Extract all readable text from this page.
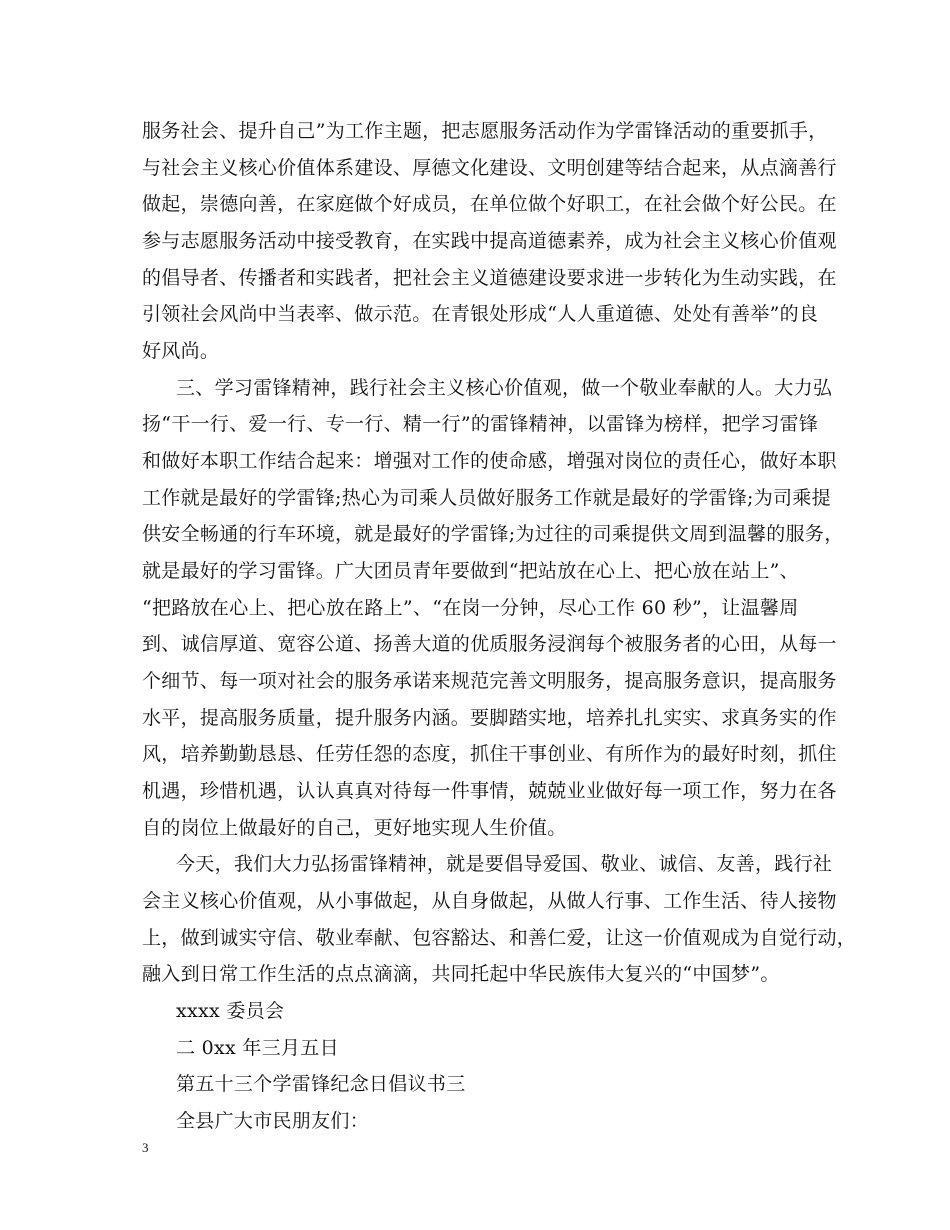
服务社会、提升自己”为工作主题，把志愿服务活动作为学雷锋活动的重要抓手，
与社会主义核心价值体系建设、厚德文化建设、文明创建等结合起来，从点滴善行
做起，崇德向善，在家庭做个好成员，在单位做个好职工，在社会做个好公民。在
参与志愿服务活动中接受教育，在实践中提高道德素养，成为社会主义核心价值观
的倡导者、传播者和实践者，把社会主义道德建设要求进一步转化为生动实践，在
引领社会风尚中当表率、做示范。在青银处形成“人人重道德、处处有善举”的良
好风尚。
三、学习雷锋精神，践行社会主义核心价值观，做一个敬业奉献的人。大力弘
扬“干一行、爱一行、专一行、精一行”的雷锋精神，以雷锋为榜样，把学习雷锋
和做好本职工作结合起来：增强对工作的使命感，增强对岗位的责任心，做好本职
工作就是最好的学雷锋;热心为司乘人员做好服务工作就是最好的学雷锋;为司乘提
供安全畅通的行车环境，就是最好的学雷锋;为过往的司乘提供文周到温馨的服务，
就是最好的学习雷锋。广大团员青年要做到“把站放在心上、把心放在站上”、
“把路放在心上、把心放在路上”、“在岗一分钟，尽心工作 60 秒”，让温馨周
到、诚信厚道、宽容公道、扬善大道的优质服务浸润每个被服务者的心田，从每一
个细节、每一项对社会的服务承诺来规范完善文明服务，提高服务意识，提高服务
水平，提高服务质量，提升服务内涵。要脚踏实地，培养扎扎实实、求真务实的作
风，培养勤勤恳恳、任劳任怨的态度，抓住干事创业、有所作为的最好时刻，抓住
机遇，珍惜机遇，认认真真对待每一件事情，兢兢业业做好每一项工作，努力在各
自的岗位上做最好的自己，更好地实现人生价值。
今天，我们大力弘扬雷锋精神，就是要倡导爱国、敬业、诚信、友善，践行社
会主义核心价值观，从小事做起，从自身做起，从做人行事、工作生活、待人接物
上，做到诚实守信、敬业奉献、包容豁达、和善仁爱，让这一价值观成为自觉行动，
融入到日常工作生活的点点滴滴，共同托起中华民族伟大复兴的“中国梦”。
xxxx 委员会
二 0xx 年三月五日
第五十三个学雷锋纪念日倡议书三
全县广大市民朋友们：
3
